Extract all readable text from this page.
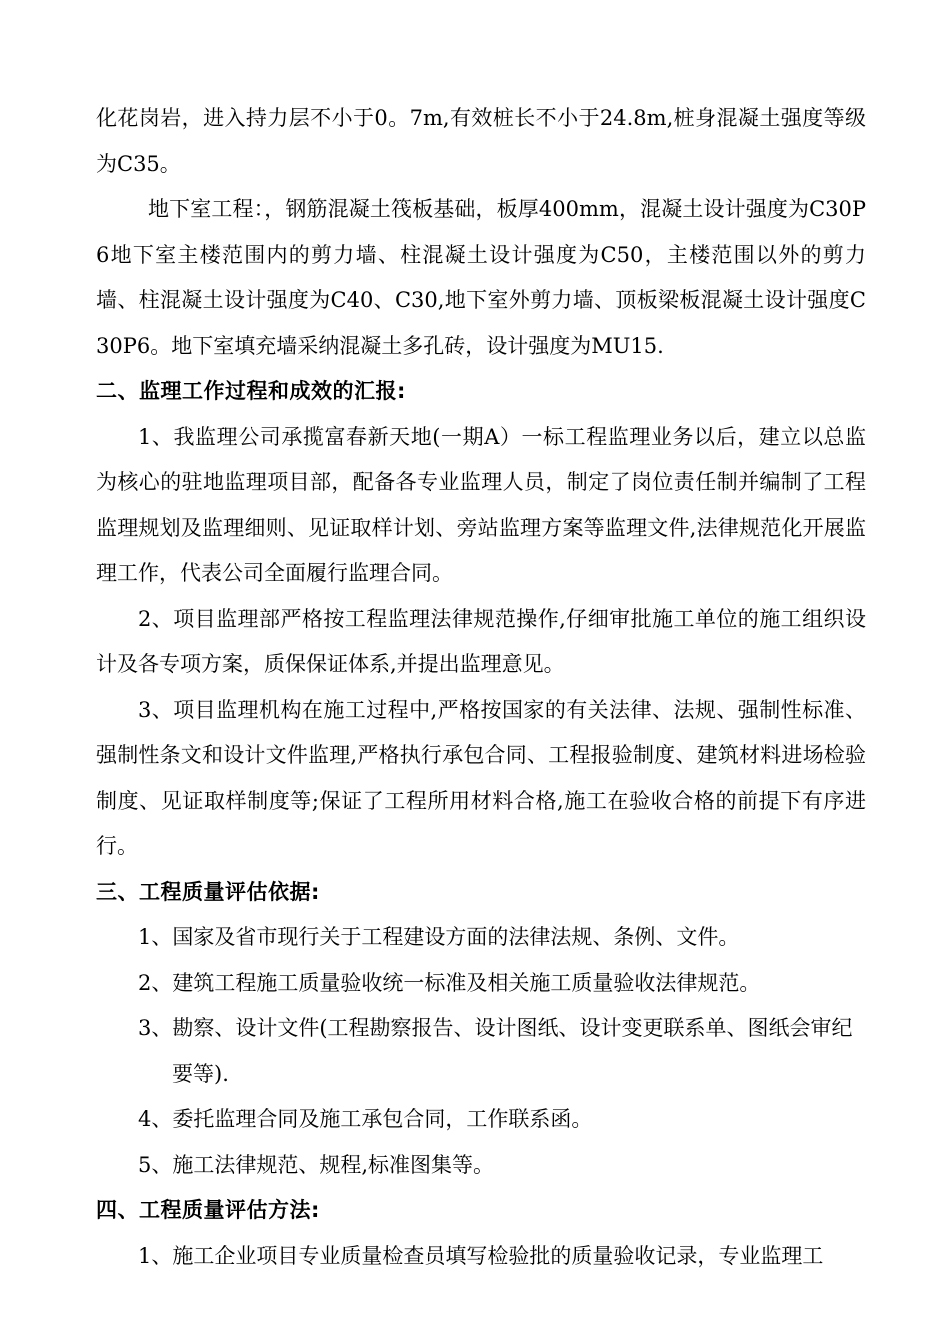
化花岗岩，进入持力层不小于0。7m,有效桩长不小于24.8m,桩身混凝土强度等级为C35。

地下室工程：，钢筋混凝土筏板基础，板厚400mm，混凝土设计强度为C30P6地下室主楼范围内的剪力墙、柱混凝土设计强度为C50，主楼范围以外的剪力墙、柱混凝土设计强度为C40、C30,地下室外剪力墙、顶板梁板混凝土设计强度C30P6。地下室填充墙采纳混凝土多孔砖，设计强度为MU15.

二、监理工作过程和成效的汇报:

1、我监理公司承揽富春新天地(一期A）一标工程监理业务以后，建立以总监为核心的驻地监理项目部，配备各专业监理人员，制定了岗位责任制并编制了工程监理规划及监理细则、见证取样计划、旁站监理方案等监理文件,法律规范化开展监理工作，代表公司全面履行监理合同。

2、项目监理部严格按工程监理法律规范操作,仔细审批施工单位的施工组织设计及各专项方案，质保保证体系,并提出监理意见。

3、项目监理机构在施工过程中,严格按国家的有关法律、法规、强制性标准、强制性条文和设计文件监理,严格执行承包合同、工程报验制度、建筑材料进场检验制度、见证取样制度等;保证了工程所用材料合格,施工在验收合格的前提下有序进行。

三、工程质量评估依据:

1、国家及省市现行关于工程建设方面的法律法规、条例、文件。

2、建筑工程施工质量验收统一标准及相关施工质量验收法律规范。

3、勘察、设计文件(工程勘察报告、设计图纸、设计变更联系单、图纸会审纪

要等).

4、委托监理合同及施工承包合同，工作联系函。

5、施工法律规范、规程,标准图集等。

四、工程质量评估方法:

1、施工企业项目专业质量检查员填写检验批的质量验收记录，专业监理工
